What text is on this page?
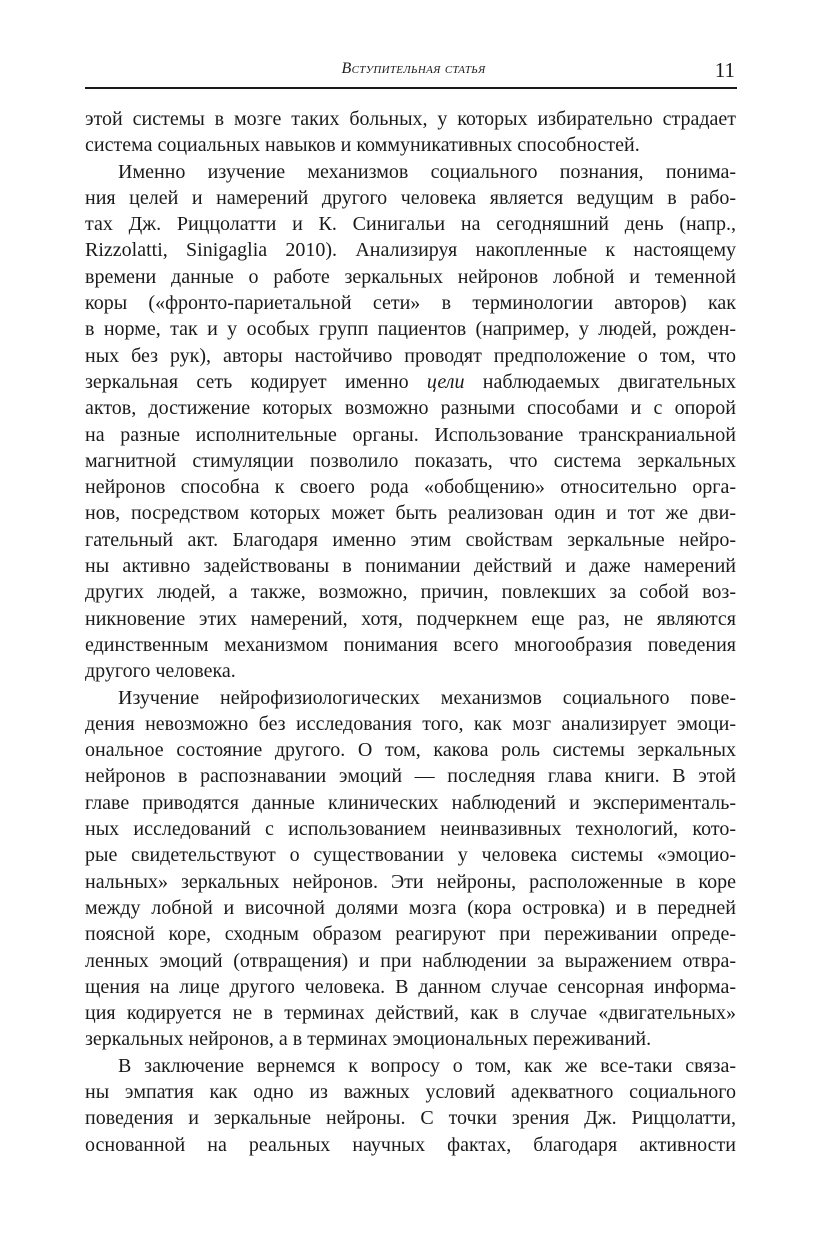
Вступительная статья	11
этой системы в мозге таких больных, у которых избирательно страдает
система социальных навыков и коммуникативных способностей.
Именно изучение механизмов социального познания, понима-
ния целей и намерений другого человека является ведущим в рабо-
тах Дж. Риццолатти и К. Синигальи на сегодняшний день (напр.,
Rizzolatti, Sinigaglia 2010). Анализируя накопленные к настоящему
времени данные о работе зеркальных нейронов лобной и теменной
коры («фронто-париетальной сети» в терминологии авторов) как
в норме, так и у особых групп пациентов (например, у людей, рожден-
ных без рук), авторы настойчиво проводят предположение о том, что
зеркальная сеть кодирует именно цели наблюдаемых двигательных
актов, достижение которых возможно разными способами и с опорой
на разные исполнительные органы. Использование транскраниальной
магнитной стимуляции позволило показать, что система зеркальных
нейронов способна к своего рода «обобщению» относительно орга-
нов, посредством которых может быть реализован один и тот же дви-
гательный акт. Благодаря именно этим свойствам зеркальные нейро-
ны активно задействованы в понимании действий и даже намерений
других людей, а также, возможно, причин, повлекших за собой воз-
никновение этих намерений, хотя, подчеркнем еще раз, не являются
единственным механизмом понимания всего многообразия поведения
другого человека.
Изучение нейрофизиологических механизмов социального пове-
дения невозможно без исследования того, как мозг анализирует эмоци-
ональное состояние другого. О том, какова роль системы зеркальных
нейронов в распознавании эмоций — последняя глава книги. В этой
главе приводятся данные клинических наблюдений и эксперименталь-
ных исследований с использованием неинвазивных технологий, кото-
рые свидетельствуют о существовании у человека системы «эмоцио-
нальных» зеркальных нейронов. Эти нейроны, расположенные в коре
между лобной и височной долями мозга (кора островка) и в передней
поясной коре, сходным образом реагируют при переживании опреде-
ленных эмоций (отвращения) и при наблюдении за выражением отвра-
щения на лице другого человека. В данном случае сенсорная информа-
ция кодируется не в терминах действий, как в случае «двигательных»
зеркальных нейронов, а в терминах эмоциональных переживаний.
В заключение вернемся к вопросу о том, как же все-таки связа-
ны эмпатия как одно из важных условий адекватного социального
поведения и зеркальные нейроны. С точки зрения Дж. Риццолатти,
основанной на реальных научных фактах, благодаря активности
